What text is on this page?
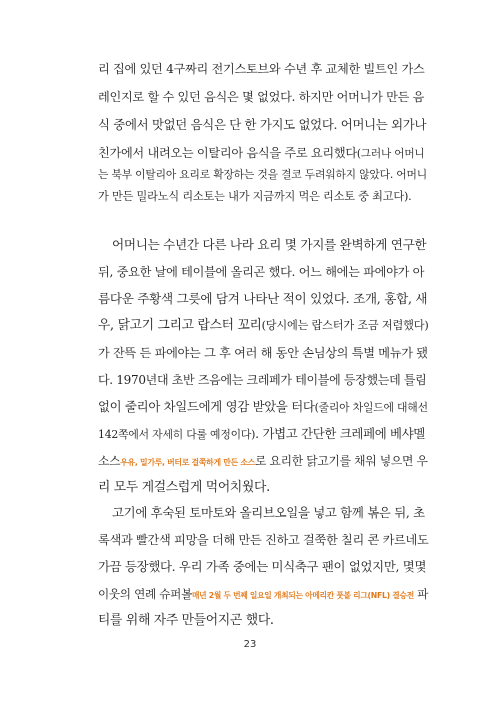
리 집에 있던 4구짜리 전기스토브와 수년 후 교체한 빌트인 가스
레인지로 할 수 있던 음식은 몇 없었다. 하지만 어머니가 만든 음
식 중에서 맛없던 음식은 단 한 가지도 없었다. 어머니는 외가나
친가에서 내려오는 이탈리아 음식을 주로 요리했다(그러나 어머니
는 북부 이탈리아 요리로 확장하는 것을 결코 두려워하지 않았다. 어머니
가 만든 밀라노식 리소토는 내가 지금까지 먹은 리소토 중 최고다).
어머니는 수년간 다른 나라 요리 몇 가지를 완벽하게 연구한
뒤, 중요한 날에 테이블에 올리곤 했다. 어느 해에는 파에야가 아
름다운 주황색 그릇에 담겨 나타난 적이 있었다. 조개, 홍합, 새
우, 닭고기 그리고 랍스터 꼬리(당시에는 랍스터가 조금 저렴했다)
가 잔뜩 든 파에야는 그 후 여러 해 동안 손님상의 특별 메뉴가 됐
다. 1970년대 초반 즈음에는 크레페가 테이블에 등장했는데 틀림
없이 줄리아 차일드에게 영감 받았을 터다(줄리아 차일드에 대해선
142쪽에서 자세히 다룰 예정이다). 가볍고 간단한 크레페에 베샤멜
소스우유, 밀가루, 버터로 걸쭉하게 만든 소스로 요리한 닭고기를 채워 넣으면 우
리 모두 게걸스럽게 먹어치웠다.
고기에 후숙된 토마토와 올리브오일을 넣고 함께 볶은 뒤, 초
록색과 빨간색 피망을 더해 만든 진하고 걸쭉한 칠리 콘 카르네도
가끔 등장했다. 우리 가족 중에는 미식축구 팬이 없었지만, 몇몇
이웃의 연례 슈퍼볼매년 2월 두 번째 일요일 개최되는 아메리칸 풋볼 리그(NFL) 결승전 파
티를 위해 자주 만들어지곤 했다.
23
